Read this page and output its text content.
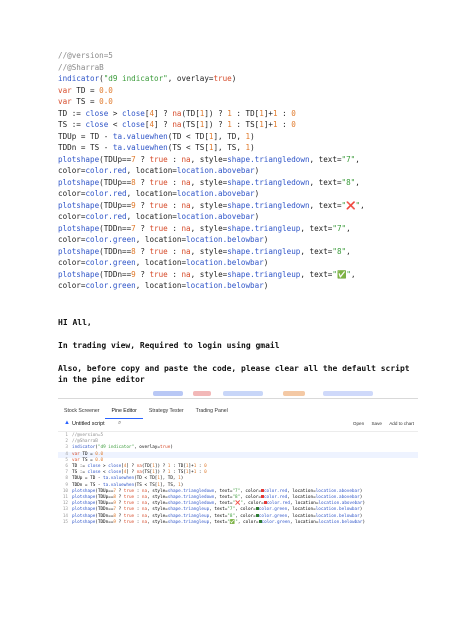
//@version=5
//@SharraB
indicator("d9 indicator", overlay=true)
var TD = 0.0
var TS = 0.0
TD := close > close[4] ? na(TD[1]) ? 1 : TD[1]+1 : 0
TS := close < close[4] ? na(TS[1]) ? 1 : TS[1]+1 : 0
TDUp = TD - ta.valuewhen(TD < TD[1], TD, 1)
TDDn = TS - ta.valuewhen(TS < TS[1], TS, 1)
plotshape(TDUp==7 ? true : na, style=shape.triangledown, text="7",
color=color.red, location=location.abovebar)
plotshape(TDUp==8 ? true : na, style=shape.triangledown, text="8",
color=color.red, location=location.abovebar)
plotshape(TDUp==9 ? true : na, style=shape.triangledown, text="❌",
color=color.red, location=location.abovebar)
plotshape(TDDn==7 ? true : na, style=shape.triangleup, text="7",
color=color.green, location=location.belowbar)
plotshape(TDDn==8 ? true : na, style=shape.triangleup, text="8",
color=color.green, location=location.belowbar)
plotshape(TDDn==9 ? true : na, style=shape.triangleup, text="✅",
color=color.green, location=location.belowbar)
HI All,
In trading view, Required to login using gmail
Also, before copy and paste the code, please clear all the default script
in the pine editor
Stock Screener	Pine Editor	Strategy Tester	Trading Panel
▲ Untitled script ⌕	Open Save Add to chart
1 //@version=5
2 //@SharraB
3 indicator("d9 indicator", overlay=true)
4 var TD = 0.0
5 var TS = 0.0
6 TD := close > close[4] ? na(TD[1]) ? 1 : TD[1]+1 : 0
7 TS := close < close[4] ? na(TS[1]) ? 1 : TS[1]+1 : 0
8 TDUp = TD - ta.valuewhen(TD < TD[1], TD, 1)
9 TDDn = TS - ta.valuewhen(TS < TS[1], TS, 1)
10 plotshape(TDUp==7 ? true : na, style=shape.triangledown, text="7", color= color.red, location=location.abovebar)
11 plotshape(TDUp==8 ? true : na, style=shape.triangledown, text="8", color= color.red, location=location.abovebar)
12 plotshape(TDUp==9 ? true : na, style=shape.triangledown, text="❌", color= color.red, location=location.abovebar)
13 plotshape(TDDn==7 ? true : na, style=shape.triangleup, text="7", color= color.green, location=location.belowbar)
14 plotshape(TDDn==8 ? true : na, style=shape.triangleup, text="8", color= color.green, location=location.belowbar)
15 plotshape(TDDn==9 ? true : na, style=shape.triangleup, text="✅", color= color.green, location=location.belowbar)
